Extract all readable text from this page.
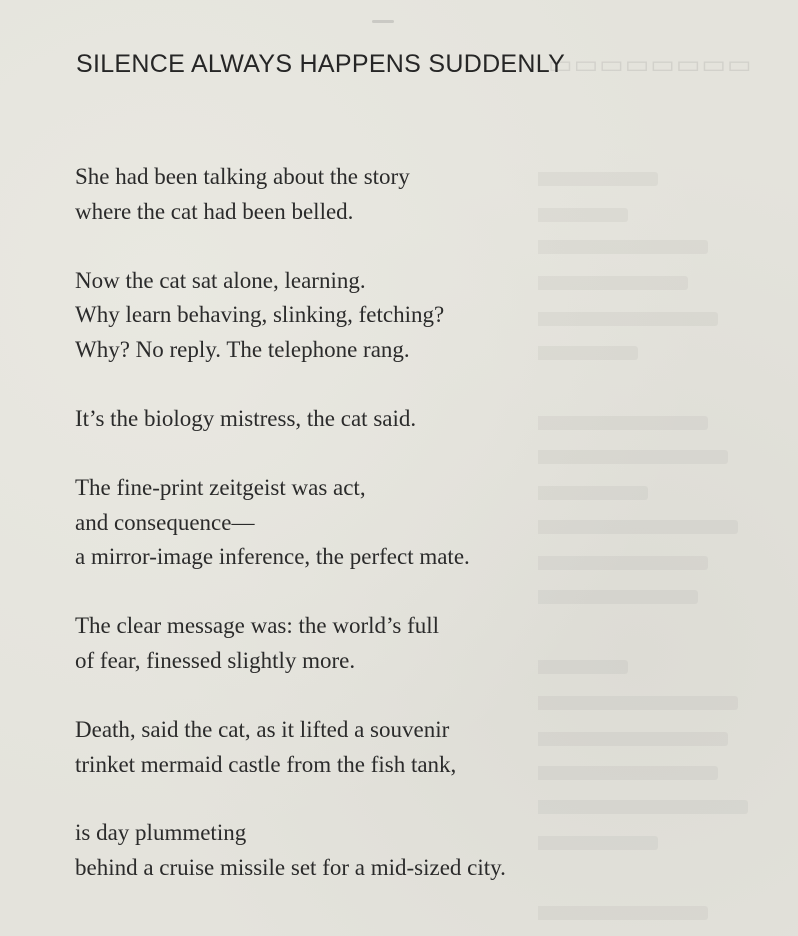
▭▭▭▭▭▭▭▭
SILENCE ALWAYS HAPPENS SUDDENLY
She had been talking about the story
where the cat had been belled.
Now the cat sat alone, learning.
Why learn behaving, slinking, fetching?
Why? No reply. The telephone rang.
It’s the biology mistress, the cat said.
The fine-print zeitgeist was act,
and consequence—
a mirror-image inference, the perfect mate.
The clear message was: the world’s full
of fear, finessed slightly more.
Death, said the cat, as it lifted a souvenir
trinket mermaid castle from the fish tank,
is day plummeting
behind a cruise missile set for a mid-sized city.
